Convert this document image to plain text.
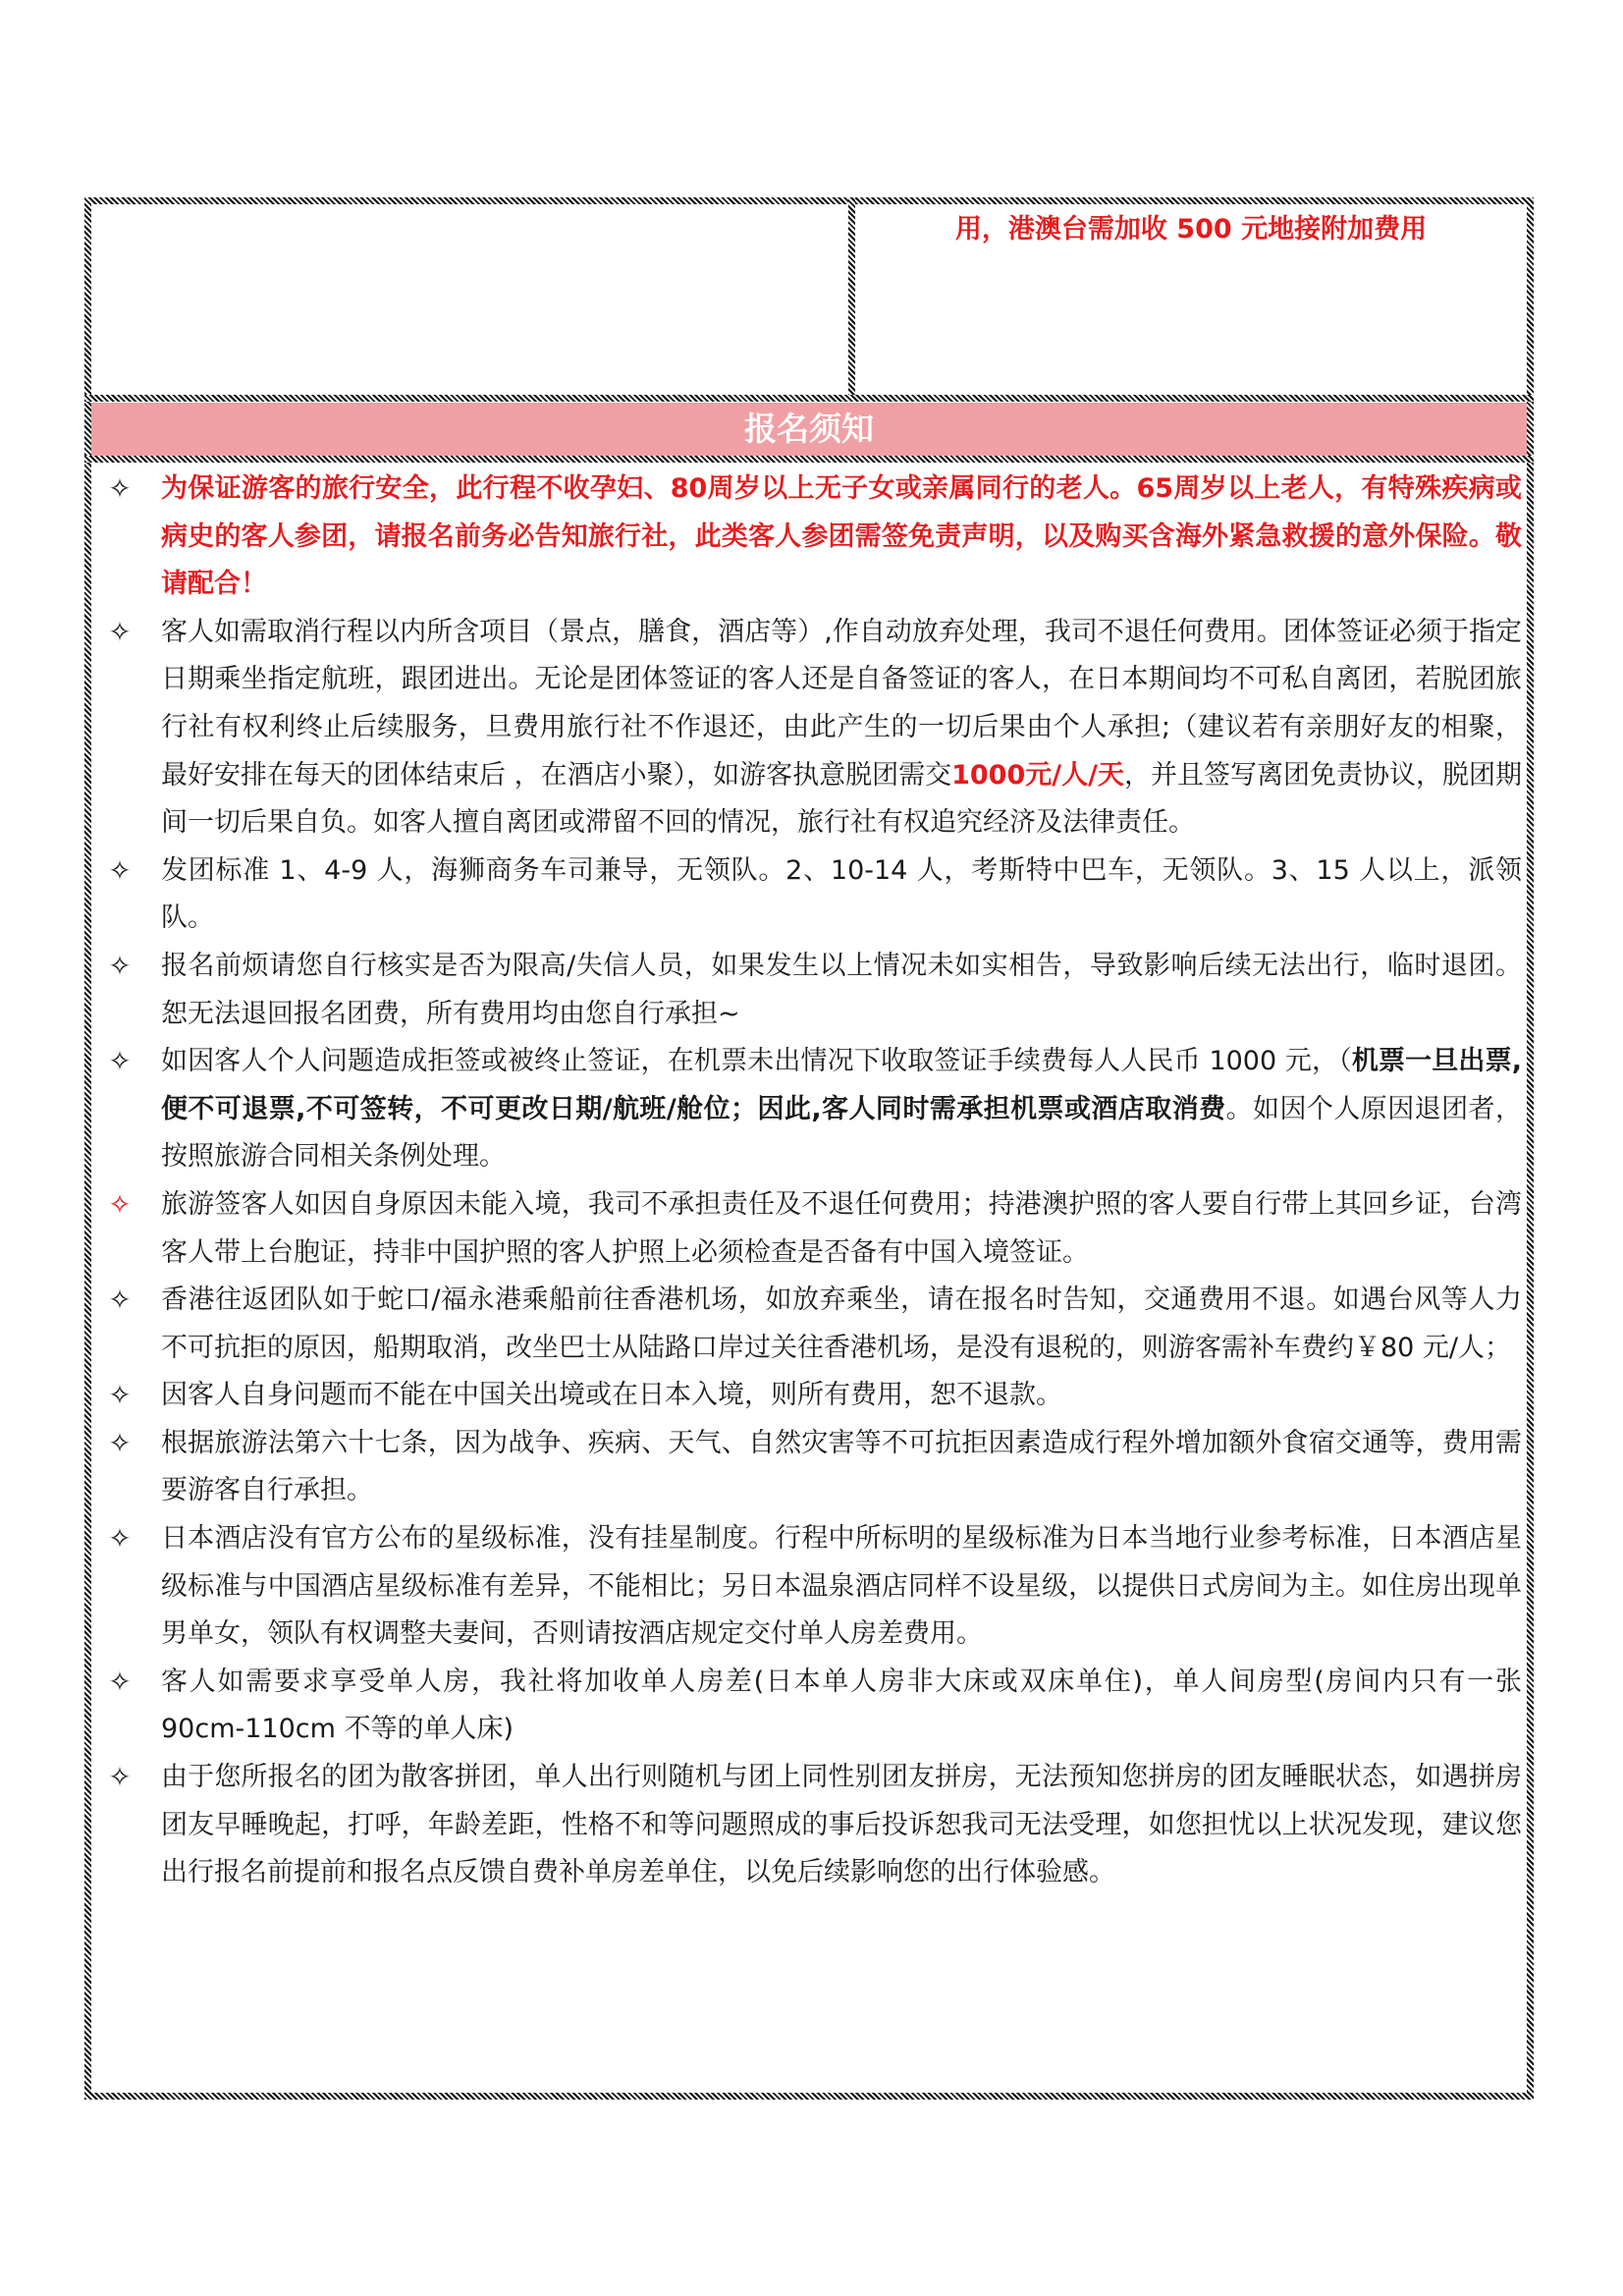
用，港澳台需加收 500 元地接附加费用
报名须知
✧	为保证游客的旅行安全，此行程不收孕妇、80周岁以上无子女或亲属同行的老人。65周岁以上老人，有特殊疾病或病史的客人参团，请报名前务必告知旅行社，此类客人参团需签免责声明，以及购买含海外紧急救援的意外保险。敬请配合！
✧	客人如需取消行程以内所含项目（景点，膳食，酒店等）,作自动放弃处理，我司不退任何费用。团体签证必须于指定日期乘坐指定航班，跟团进出。无论是团体签证的客人还是自备签证的客人，在日本期间均不可私自离团，若脱团旅行社有权利终止后续服务，旦费用旅行社不作退还，由此产生的一切后果由个人承担;（建议若有亲朋好友的相聚，最好安排在每天的团体结束后 ，在酒店小聚），如游客执意脱团需交1000元/人/天，并且签写离团免责协议，脱团期间一切后果自负。如客人擅自离团或滞留不回的情况，旅行社有权追究经济及法律责任。
✧	发团标准 1、4-9 人，海狮商务车司兼导，无领队。2、10-14 人，考斯特中巴车，无领队。3、15 人以上，派领队。
✧	报名前烦请您自行核实是否为限高/失信人员，如果发生以上情况未如实相告，导致影响后续无法出行，临时退团。恕无法退回报名团费，所有费用均由您自行承担~
✧	如因客人个人问题造成拒签或被终止签证，在机票未出情况下收取签证手续费每人人民币 1000 元，（机票一旦出票,便不可退票,不可签转，不可更改日期/航班/舱位；因此,客人同时需承担机票或酒店取消费。如因个人原因退团者，按照旅游合同相关条例处理。
✧	旅游签客人如因自身原因未能入境，我司不承担责任及不退任何费用；持港澳护照的客人要自行带上其回乡证，台湾客人带上台胞证，持非中国护照的客人护照上必须检查是否备有中国入境签证。
✧	香港往返团队如于蛇口/福永港乘船前往香港机场，如放弃乘坐，请在报名时告知，交通费用不退。如遇台风等人力不可抗拒的原因，船期取消，改坐巴士从陆路口岸过关往香港机场，是没有退税的，则游客需补车费约￥80 元/人；
✧	因客人自身问题而不能在中国关出境或在日本入境，则所有费用，恕不退款。
✧	根据旅游法第六十七条，因为战争、疾病、天气、自然灾害等不可抗拒因素造成行程外增加额外食宿交通等，费用需要游客自行承担。
✧	日本酒店没有官方公布的星级标准，没有挂星制度。行程中所标明的星级标准为日本当地行业参考标准，日本酒店星级标准与中国酒店星级标准有差异，不能相比；另日本温泉酒店同样不设星级，以提供日式房间为主。如住房出现单男单女，领队有权调整夫妻间，否则请按酒店规定交付单人房差费用。
✧	客人如需要求享受单人房，我社将加收单人房差(日本单人房非大床或双床单住)，单人间房型(房间内只有一张 90cm-110cm 不等的单人床)
✧	由于您所报名的团为散客拼团，单人出行则随机与团上同性别团友拼房，无法预知您拼房的团友睡眠状态，如遇拼房团友早睡晚起，打呼，年龄差距，性格不和等问题照成的事后投诉恕我司无法受理，如您担忧以上状况发现，建议您出行报名前提前和报名点反馈自费补单房差单住，以免后续影响您的出行体验感。
